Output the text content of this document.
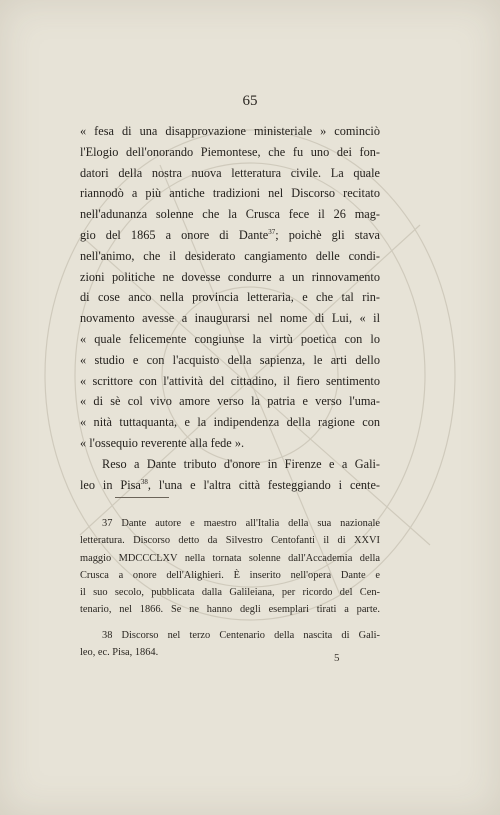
65
« fesa di una disapprovazione ministeriale » cominciò
l'Elogio dell'onorando Piemontese, che fu uno dei fon-
datori della nostra nuova letteratura civile. La quale
riannodò a più antiche tradizioni nel Discorso recitato
nell'adunanza solenne che la Crusca fece il 26 mag-
gio del 1865 a onore di Dante$^{37}$; poichè gli stava
nell'animo, che il desiderato cangiamento delle condi-
zioni politiche ne dovesse condurre a un rinnovamento
di cose anco nella provincia letteraria, e che tal rin-
novamento avesse a inaugurarsi nel nome di Lui, « il
« quale felicemente congiunse la virtù poetica con lo
« studio e con l'acquisto della sapienza, le arti dello
« scrittore con l'attività del cittadino, il fiero sentimento
« di sè col vivo amore verso la patria e verso l'uma-
« nità tuttaquanta, e la indipendenza della ragione con
« l'ossequio reverente alla fede ».
Reso a Dante tributo d'onore in Firenze e a Gali-
leo in Pisa$^{38}$, l'una e l'altra città festeggiando i cente-
37 Dante autore e maestro all'Italia della sua nazionale
letteratura. Discorso detto da Silvestro Centofanti il di XXVI
maggio MDCCCLXV nella tornata solenne dall'Accademia della
Crusca a onore dell'Alighieri. È inserito nell'opera Dante e
il suo secolo, pubblicata dalla Galileiana, per ricordo del Cen-
tenario, nel 1866. Se ne hanno degli esemplari tirati a parte.
38 Discorso nel terzo Centenario della nascita di Gali-
leo, ec. Pisa, 1864.	5
